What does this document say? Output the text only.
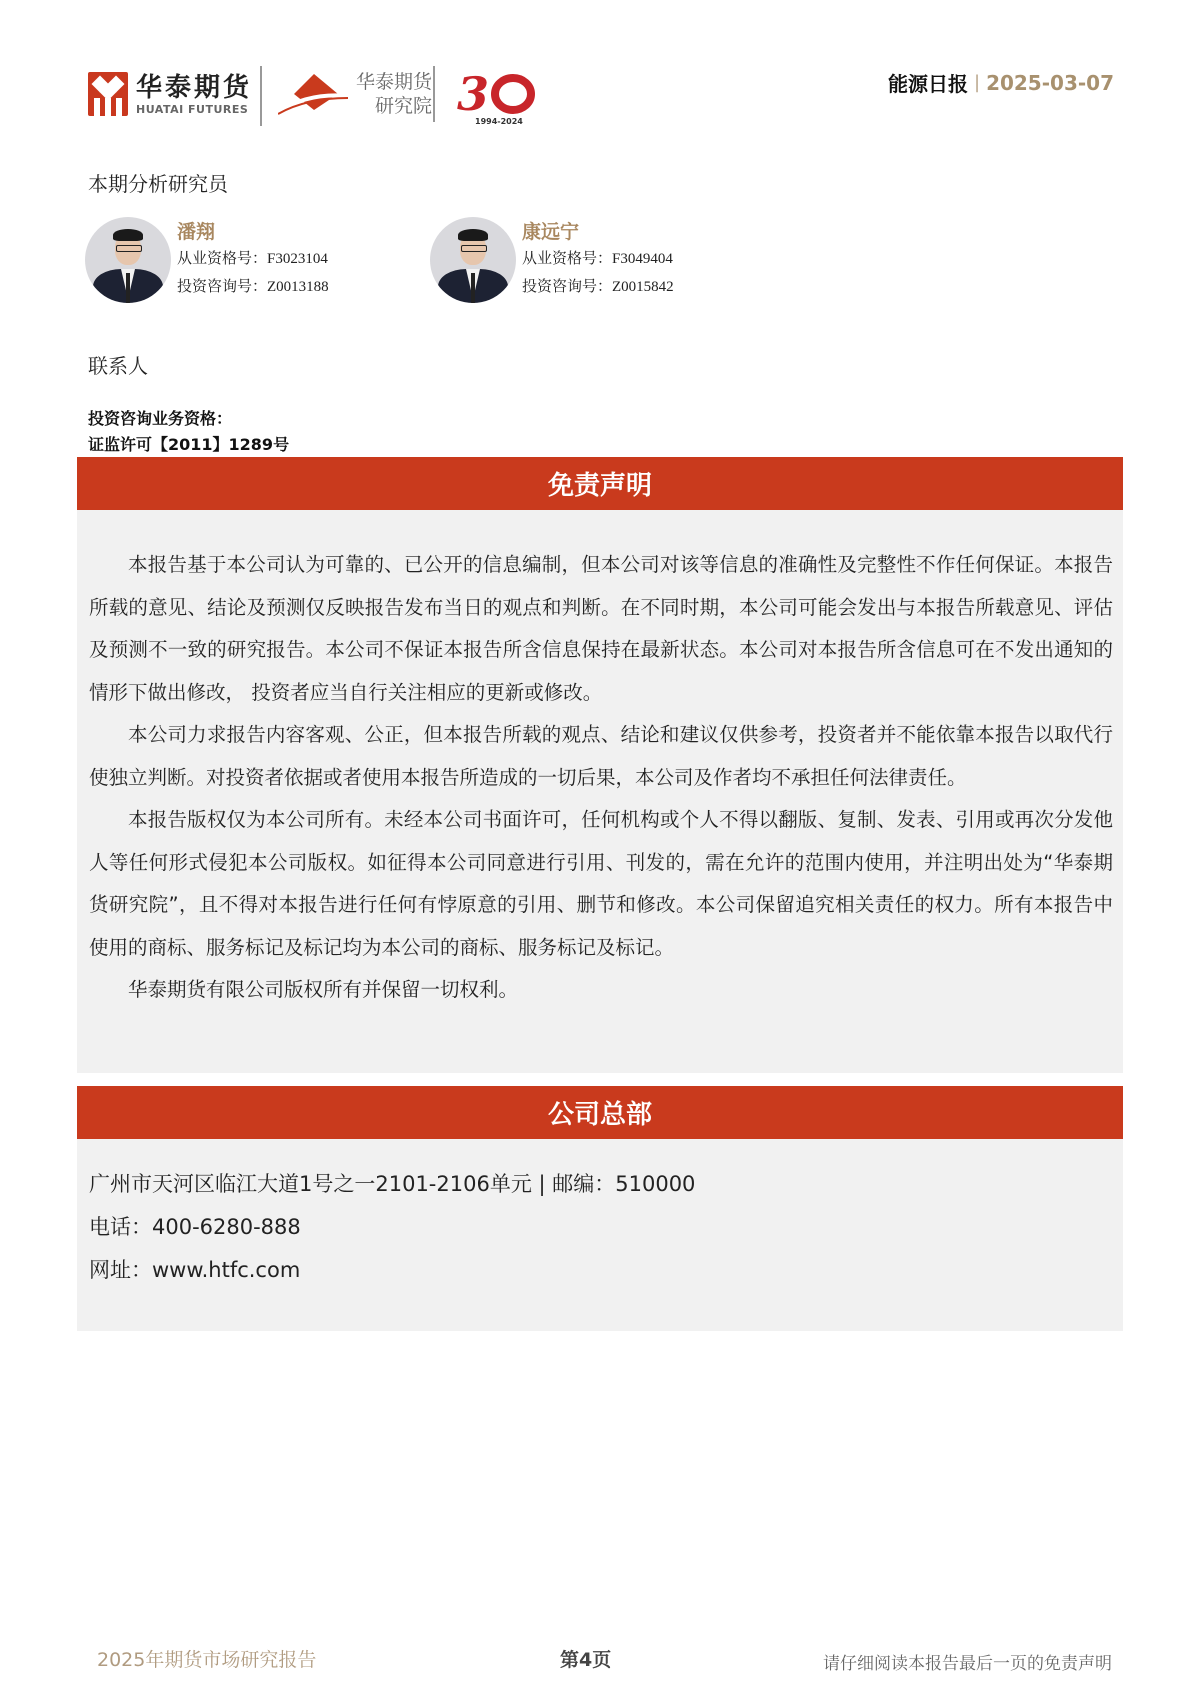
华泰期货
HUATAI FUTURES
华泰期货
研究院 3
1994-2024
能源日报 | 2025-03-07
本期分析研究员
潘翔
从业资格号：F3023104
投资咨询号：Z0013188
康远宁
从业资格号：F3049404
投资咨询号：Z0015842
联系人
投资咨询业务资格：
证监许可【2011】1289号
免责声明

本报告基于本公司认为可靠的、已公开的信息编制，但本公司对该等信息的准确性及完整性不作任何保证。本报告所载的意见、结论及预测仅反映报告发布当日的观点和判断。在不同时期，本公司可能会发出与本报告所载意见、评估及预测不一致的研究报告。本公司不保证本报告所含信息保持在最新状态。本公司对本报告所含信息可在不发出通知的情形下做出修改， 投资者应当自行关注相应的更新或修改。

本公司力求报告内容客观、公正，但本报告所载的观点、结论和建议仅供参考，投资者并不能依靠本报告以取代行使独立判断。对投资者依据或者使用本报告所造成的一切后果，本公司及作者均不承担任何法律责任。

本报告版权仅为本公司所有。未经本公司书面许可，任何机构或个人不得以翻版、复制、发表、引用或再次分发他人等任何形式侵犯本公司版权。如征得本公司同意进行引用、刊发的，需在允许的范围内使用，并注明出处为“华泰期货研究院”，且不得对本报告进行任何有悖原意的引用、删节和修改。本公司保留追究相关责任的权力。所有本报告中使用的商标、服务标记及标记均为本公司的商标、服务标记及标记。

华泰期货有限公司版权所有并保留一切权利。

公司总部
广州市天河区临江大道1号之一2101-2106单元 | 邮编：510000
电话：400-6280-888
网址：www.htfc.com
2025年期货市场研究报告	第4页	请仔细阅读本报告最后一页的免责声明
